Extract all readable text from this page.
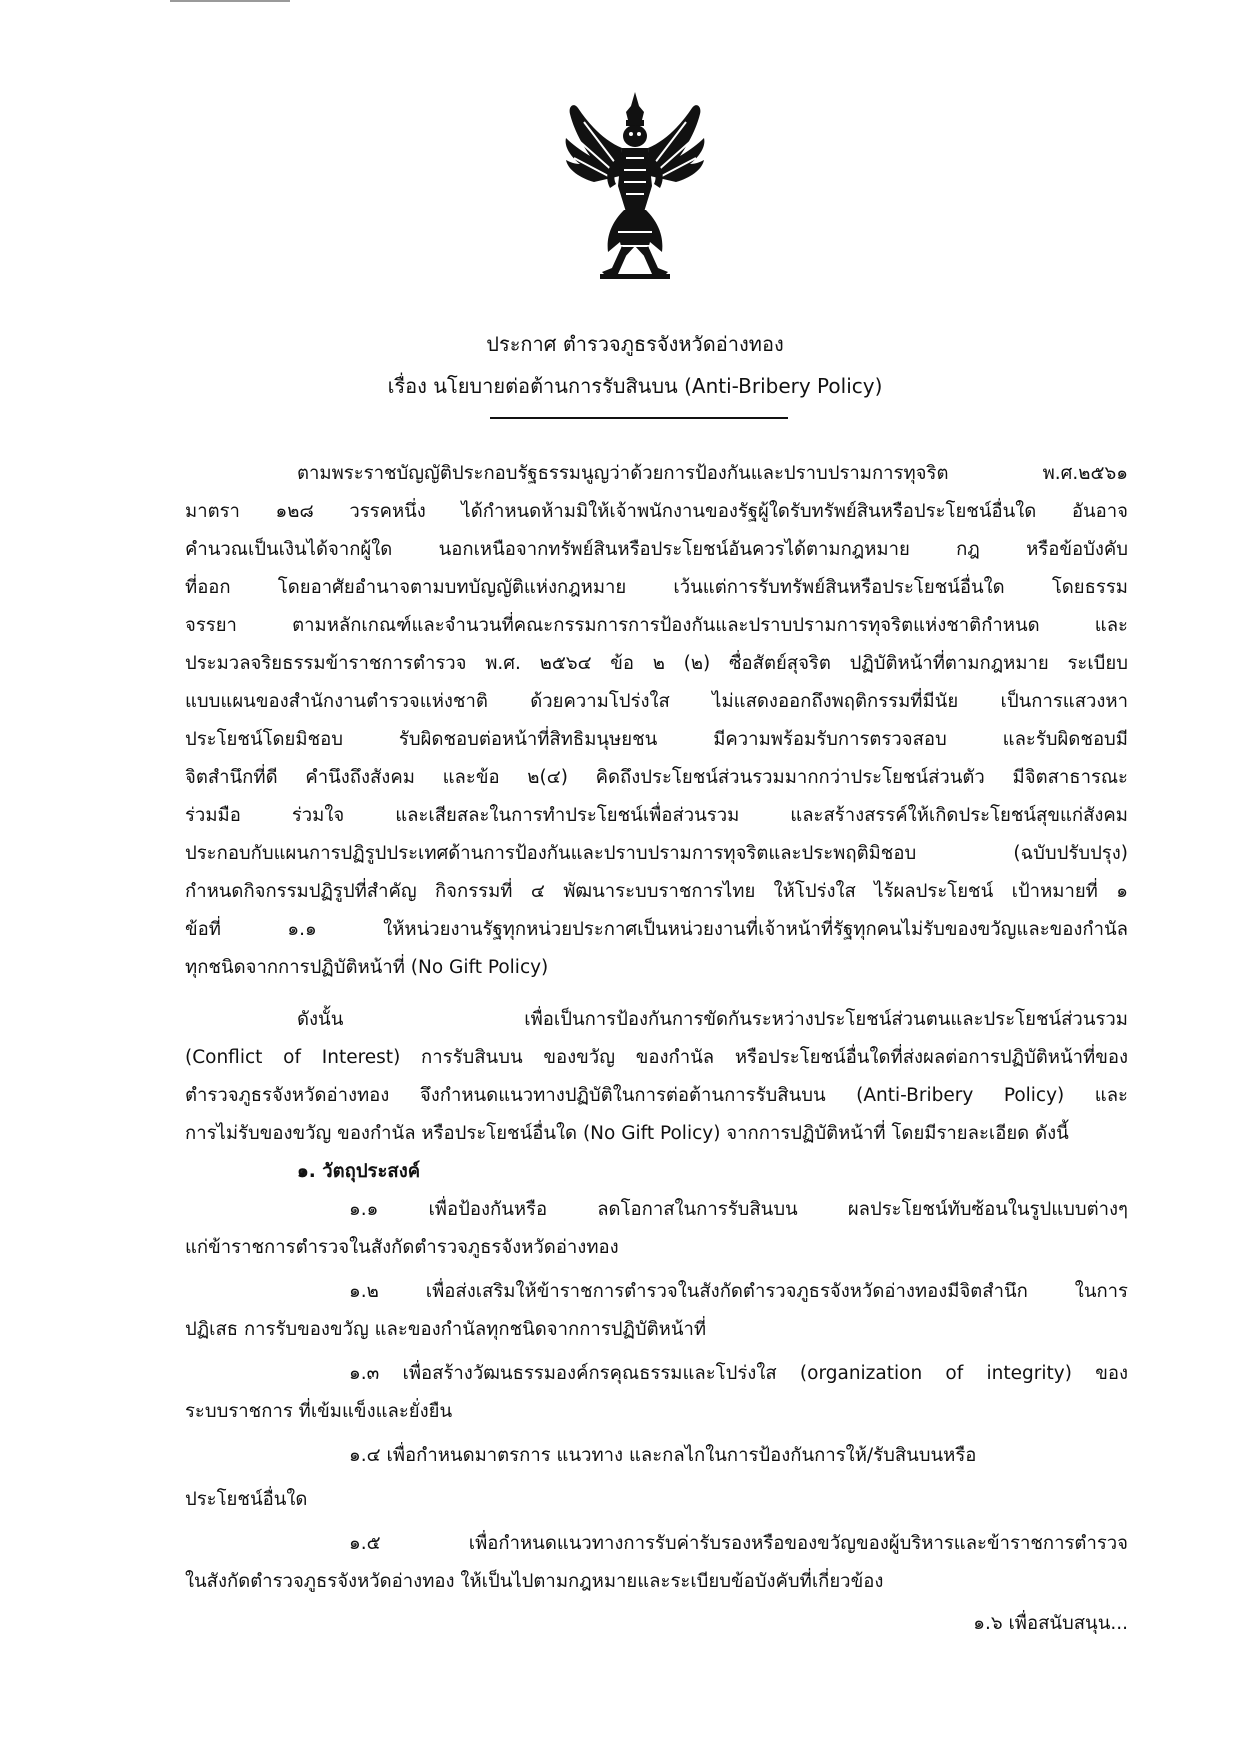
ประกาศ ตำรวจภูธรจังหวัดอ่างทอง
เรื่อง นโยบายต่อต้านการรับสินบน (Anti-Bribery Policy)
ตามพระราชบัญญัติประกอบรัฐธรรมนูญว่าด้วยการป้องกันและปราบปรามการทุจริต พ.ศ.๒๕๖๑
มาตรา ๑๒๘ วรรคหนึ่ง ได้กำหนดห้ามมิให้เจ้าพนักงานของรัฐผู้ใดรับทรัพย์สินหรือประโยชน์อื่นใด อันอาจ
คำนวณเป็นเงินได้จากผู้ใด นอกเหนือจากทรัพย์สินหรือประโยชน์อันควรได้ตามกฎหมาย กฎ หรือข้อบังคับ
ที่ออก โดยอาศัยอำนาจตามบทบัญญัติแห่งกฎหมาย เว้นแต่การรับทรัพย์สินหรือประโยชน์อื่นใด โดยธรรม
จรรยา ตามหลักเกณฑ์และจำนวนที่คณะกรรมการการป้องกันและปราบปรามการทุจริตแห่งชาติกำหนด และ
ประมวลจริยธรรมข้าราชการตำรวจ พ.ศ. ๒๕๖๔ ข้อ ๒ (๒) ซื่อสัตย์สุจริต ปฏิบัติหน้าที่ตามกฎหมาย ระเบียบ
แบบแผนของสำนักงานตำรวจแห่งชาติ ด้วยความโปร่งใส ไม่แสดงออกถึงพฤติกรรมที่มีนัย เป็นการแสวงหา
ประโยชน์โดยมิชอบ รับผิดชอบต่อหน้าที่สิทธิมนุษยชน มีความพร้อมรับการตรวจสอบ และรับผิดชอบมี
จิตสำนึกที่ดี คำนึงถึงสังคม และข้อ ๒(๔) คิดถึงประโยชน์ส่วนรวมมากกว่าประโยชน์ส่วนตัว มีจิตสาธารณะ
ร่วมมือ ร่วมใจ และเสียสละในการทำประโยชน์เพื่อส่วนรวม และสร้างสรรค์ให้เกิดประโยชน์สุขแก่สังคม
ประกอบกับแผนการปฏิรูปประเทศด้านการป้องกันและปราบปรามการทุจริตและประพฤติมิชอบ (ฉบับปรับปรุง)
กำหนดกิจกรรมปฏิรูปที่สำคัญ กิจกรรมที่ ๔ พัฒนาระบบราชการไทย ให้โปร่งใส ไร้ผลประโยชน์ เป้าหมายที่ ๑
ข้อที่ ๑.๑ ให้หน่วยงานรัฐทุกหน่วยประกาศเป็นหน่วยงานที่เจ้าหน้าที่รัฐทุกคนไม่รับของขวัญและของกำนัล
ทุกชนิดจากการปฏิบัติหน้าที่ (No Gift Policy)
ดังนั้น เพื่อเป็นการป้องกันการขัดกันระหว่างประโยชน์ส่วนตนและประโยชน์ส่วนรวม
(Conflict of Interest) การรับสินบน ของขวัญ ของกำนัล หรือประโยชน์อื่นใดที่ส่งผลต่อการปฏิบัติหน้าที่ของ
ตำรวจภูธรจังหวัดอ่างทอง จึงกำหนดแนวทางปฏิบัติในการต่อต้านการรับสินบน (Anti-Bribery Policy) และ
การไม่รับของขวัญ ของกำนัล หรือประโยชน์อื่นใด (No Gift Policy) จากการปฏิบัติหน้าที่ โดยมีรายละเอียด ดังนี้
๑. วัตถุประสงค์
๑.๑ เพื่อป้องกันหรือ ลดโอกาสในการรับสินบน ผลประโยชน์ทับซ้อนในรูปแบบต่างๆ
แก่ข้าราชการตำรวจในสังกัดตำรวจภูธรจังหวัดอ่างทอง
๑.๒ เพื่อส่งเสริมให้ข้าราชการตำรวจในสังกัดตำรวจภูธรจังหวัดอ่างทองมีจิตสำนึก ในการ
ปฏิเสธ การรับของขวัญ และของกำนัลทุกชนิดจากการปฏิบัติหน้าที่
๑.๓ เพื่อสร้างวัฒนธรรมองค์กรคุณธรรมและโปร่งใส (organization of integrity) ของ
ระบบราชการ ที่เข้มแข็งและยั่งยืน
๑.๔ เพื่อกำหนดมาตรการ แนวทาง และกลไกในการป้องกันการให้/รับสินบนหรือ
ประโยชน์อื่นใด
๑.๕ เพื่อกำหนดแนวทางการรับค่ารับรองหรือของขวัญของผู้บริหารและข้าราชการตำรวจ
ในสังกัดตำรวจภูธรจังหวัดอ่างทอง ให้เป็นไปตามกฎหมายและระเบียบข้อบังคับที่เกี่ยวข้อง
๑.๖ เพื่อสนับสนุน...
